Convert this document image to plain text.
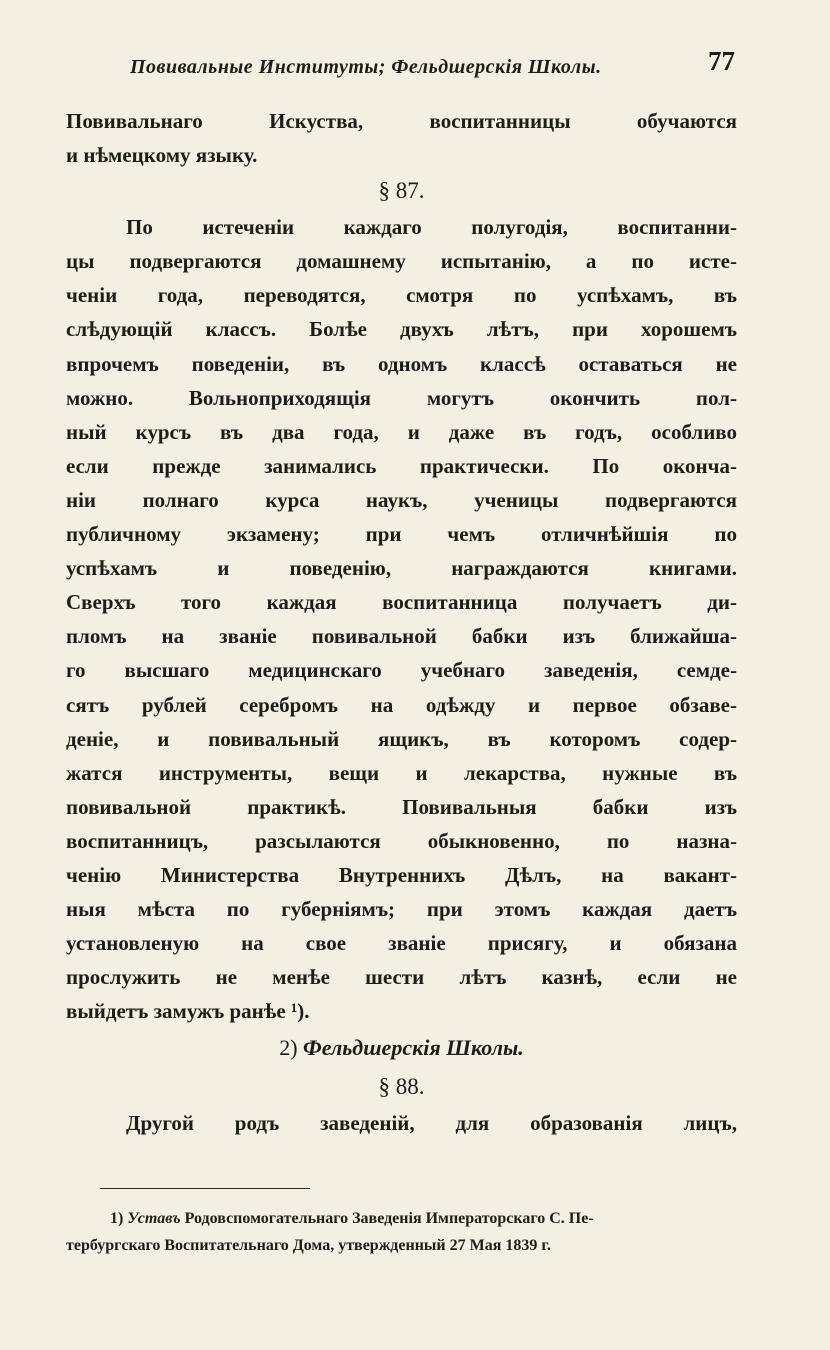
Повивальные Институты; Фельдшерскія Школы.	77
Повивальнаго Искуства, воспитанницы обучаются
и нѣмецкому языку.
§ 87.
По истеченіи каждаго полугодія, воспитанни-
цы подвергаются домашнему испытанію, а по исте-
ченіи года, переводятся, смотря по успѣхамъ, въ
слѣдующій классъ. Болѣе двухъ лѣтъ, при хорошемъ
впрочемъ поведеніи, въ одномъ классѣ оставаться не
можно. Вольноприходящія могутъ окончить пол-
ный курсъ въ два года, и даже въ годъ, особливо
если прежде занимались практически. По оконча-
ніи полнаго курса наукъ, ученицы подвергаются
публичному экзамену; при чемъ отличнѣйшія по
успѣхамъ и поведенію, награждаются книгами.
Сверхъ того каждая воспитанница получаетъ ди-
пломъ на званіе повивальной бабки изъ ближайша-
го высшаго медицинскаго учебнаго заведенія, семде-
сятъ рублей серебромъ на одѣжду и первое обзаве-
деніе, и повивальный ящикъ, въ которомъ содер-
жатся инструменты, вещи и лекарства, нужные въ
повивальной практикѣ. Повивальныя бабки изъ
воспитанницъ, разсылаются обыкновенно, по назна-
ченію Министерства Внутреннихъ Дѣлъ, на вакант-
ныя мѣста по губерніямъ; при этомъ каждая даетъ
установленую на свое званіе присягу, и обязана
прослужить не менѣе шести лѣтъ казнѣ, если не
выйдетъ замужъ ранѣе ¹).
2) Фельдшерскія Школы.
§ 88.
Другой родъ заведеній, для образованія лицъ,
1) Уставъ Родовспомогательнаго Заведенія Императорскаго С. Пе-
тербургскаго Воспитательнаго Дома, утвержденный 27 Мая 1839 г.
